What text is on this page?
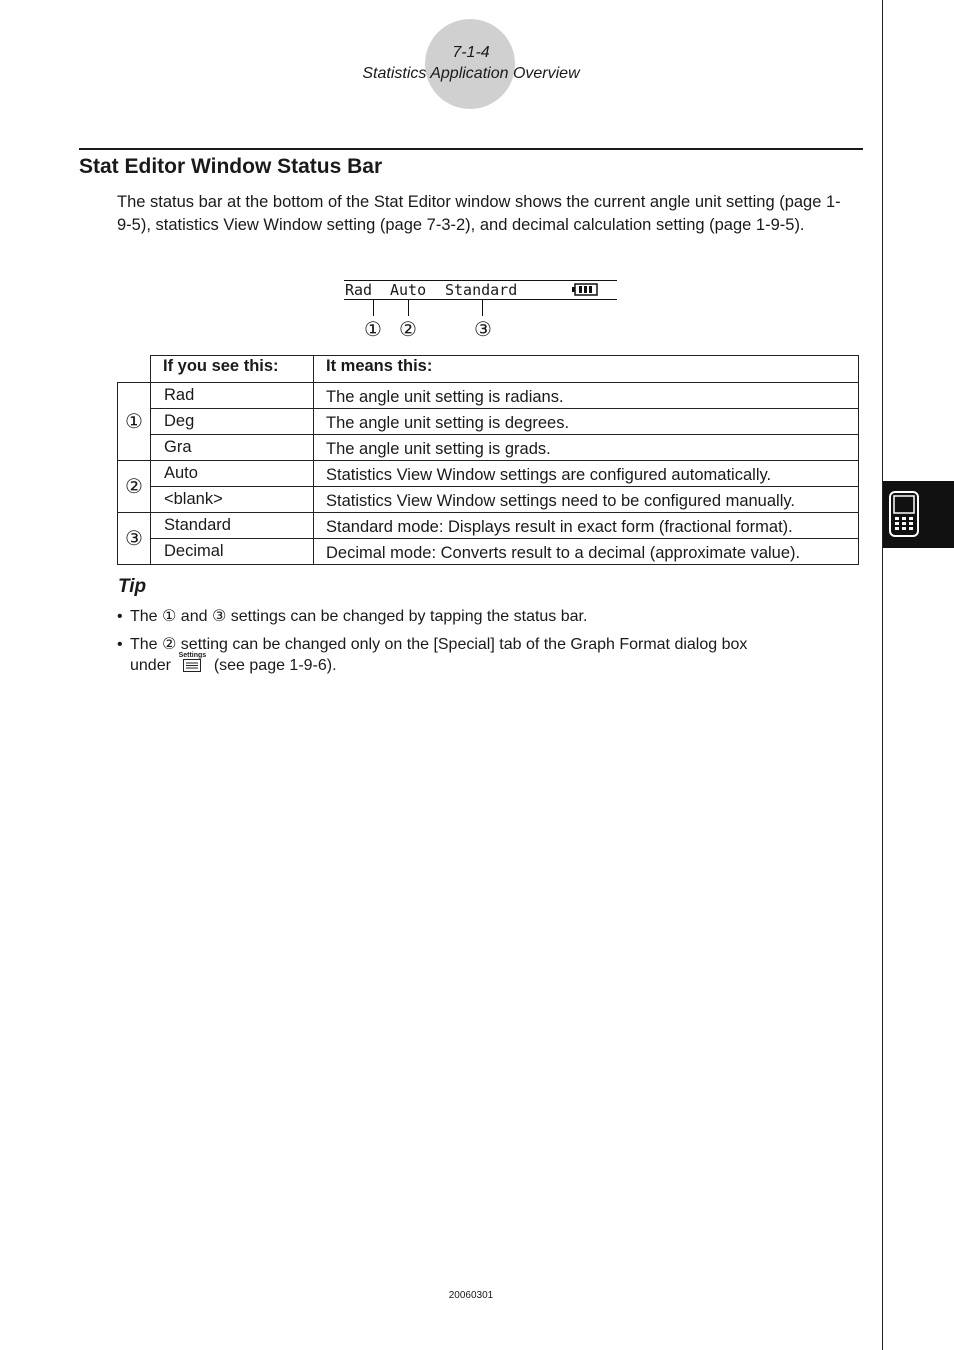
7-1-4
Statistics Application Overview
Stat Editor Window Status Bar

The status bar at the bottom of the Stat Editor window shows the current angle unit setting (page 1-9-5), statistics View Window setting (page 7-3-2), and decimal calculation setting (page 1-9-5).

Rad Auto Standard
① ②	③
	If you see this:	It means this:
①	Rad	The angle unit setting is radians.
	Deg	The angle unit setting is degrees.
	Gra	The angle unit setting is grads.
②	Auto	Statistics View Window settings are configured automatically.
	<blank>	Statistics View Window settings need to be configured manually.
③	Standard	Standard mode: Displays result in exact form (fractional format).
	Decimal	Decimal mode: Converts result to a decimal (approximate value).
Tip
• The ① and ③ settings can be changed by tapping the status bar.
• The ② setting can be changed only on the [Special] tab of the Graph Format dialog box
under
Settings
(see page 1-9-6).
20060301
